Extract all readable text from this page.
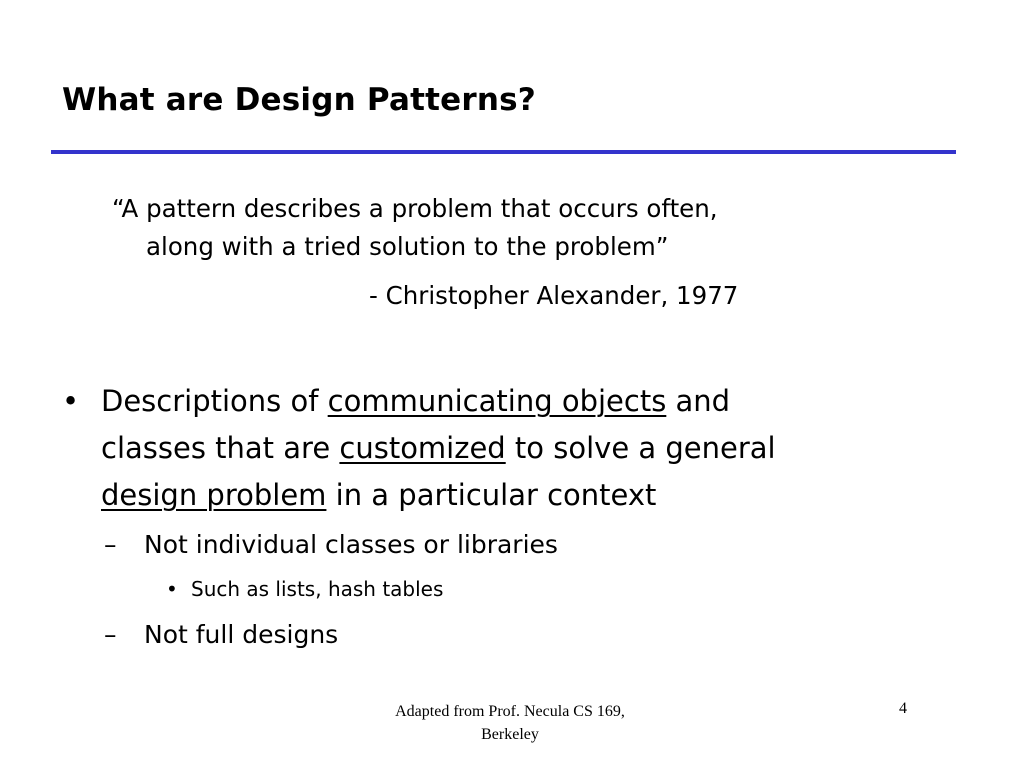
What are Design Patterns?
“A pattern describes a problem that occurs often,
along with a tried solution to the problem”
- Christopher Alexander, 1977
• Descriptions of communicating objects and
classes that are customized to solve a general
design problem in a particular context
– Not individual classes or libraries
• Such as lists, hash tables
– Not full designs
Adapted from Prof. Necula CS 169,
Berkeley
4
